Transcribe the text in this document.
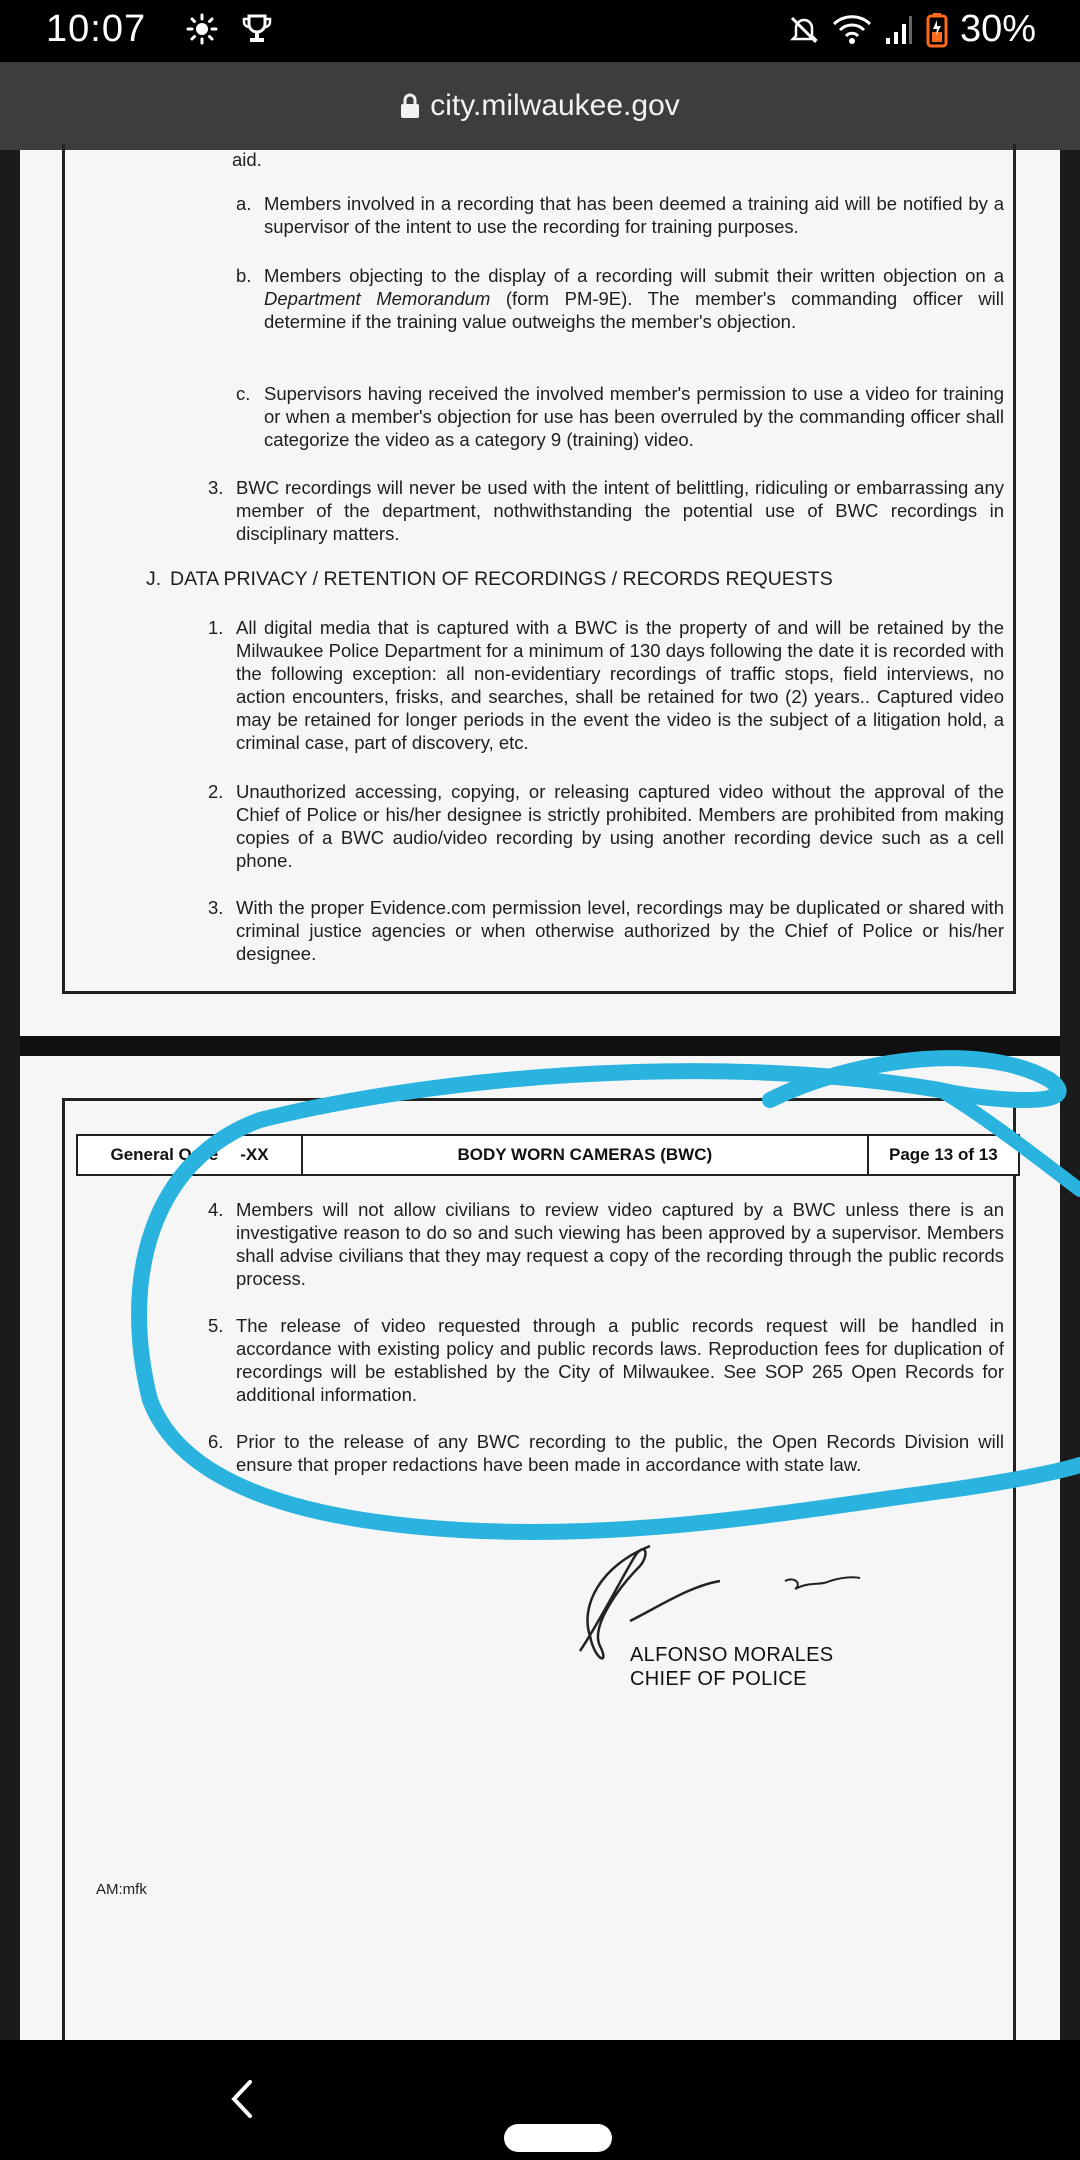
10:07	30%
city.milwaukee.gov
aid.
a. Members involved in a recording that has been deemed a training aid will be notified by a supervisor of the intent to use the recording for training purposes.
b. Members objecting to the display of a recording will submit their written objection on a Department Memorandum (form PM-9E). The member's commanding officer will determine if the training value outweighs the member's objection.
c. Supervisors having received the involved member's permission to use a video for training or when a member's objection for use has been overruled by the commanding officer shall categorize the video as a category 9 (training) video.
3. BWC recordings will never be used with the intent of belittling, ridiculing or embarrassing any member of the department, nothwithstanding the potential use of BWC recordings in disciplinary matters.
J. DATA PRIVACY / RETENTION OF RECORDINGS / RECORDS REQUESTS
1. All digital media that is captured with a BWC is the property of and will be retained by the Milwaukee Police Department for a minimum of 130 days following the date it is recorded with the following exception: all non-evidentiary recordings of traffic stops, field interviews, no action encounters, frisks, and searches, shall be retained for two (2) years.. Captured video may be retained for longer periods in the event the video is the subject of a litigation hold, a criminal case, part of discovery, etc.
2. Unauthorized accessing, copying, or releasing captured video without the approval of the Chief of Police or his/her designee is strictly prohibited. Members are prohibited from making copies of a BWC audio/video recording by using another recording device such as a cell phone.
3. With the proper Evidence.com permission level, recordings may be duplicated or shared with criminal justice agencies or when otherwise authorized by the Chief of Police or his/her designee.
General Orde -XX	BODY WORN CAMERAS (BWC)	Page 13 of 13
4. Members will not allow civilians to review video captured by a BWC unless there is an investigative reason to do so and such viewing has been approved by a supervisor. Members shall advise civilians that they may request a copy of the recording through the public records process.
5. The release of video requested through a public records request will be handled in accordance with existing policy and public records laws. Reproduction fees for duplication of recordings will be established by the City of Milwaukee. See SOP 265 Open Records for additional information.
6. Prior to the release of any BWC recording to the public, the Open Records Division will ensure that proper redactions have been made in accordance with state law.
ALFONSO MORALES
CHIEF OF POLICE
AM:mfk
